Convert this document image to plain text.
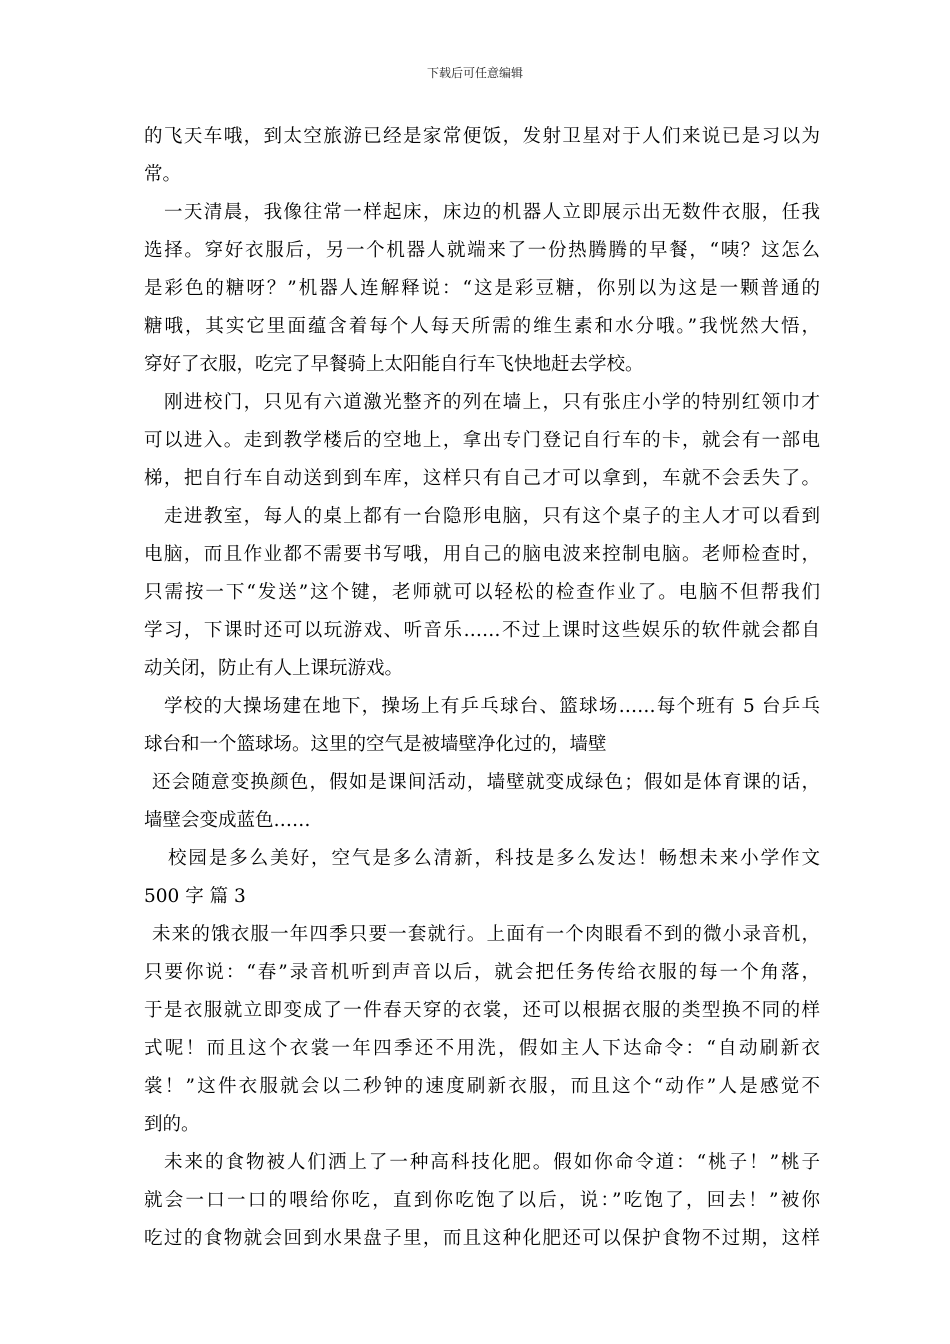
下载后可任意编辑
的飞天车哦，到太空旅游已经是家常便饭，发射卫星对于人们来说已是习以为
常。
一天清晨，我像往常一样起床，床边的机器人立即展示出无数件衣服，任我
选择。穿好衣服后，另一个机器人就端来了一份热腾腾的早餐，“咦？这怎么
是彩色的糖呀？”机器人连解释说：“这是彩豆糖，你别以为这是一颗普通的
糖哦，其实它里面蕴含着每个人每天所需的维生素和水分哦。”我恍然大悟，
穿好了衣服，吃完了早餐骑上太阳能自行车飞快地赶去学校。
刚进校门，只见有六道激光整齐的列在墙上，只有张庄小学的特别红领巾才
可以进入。走到教学楼后的空地上，拿出专门登记自行车的卡，就会有一部电
梯，把自行车自动送到到车库，这样只有自己才可以拿到，车就不会丢失了。
走进教室，每人的桌上都有一台隐形电脑，只有这个桌子的主人才可以看到
电脑，而且作业都不需要书写哦，用自己的脑电波来控制电脑。老师检查时，
只需按一下“发送”这个键，老师就可以轻松的检查作业了。电脑不但帮我们
学习，下课时还可以玩游戏、听音乐……不过上课时这些娱乐的软件就会都自
动关闭，防止有人上课玩游戏。
学校的大操场建在地下，操场上有乒乓球台、篮球场……每个班有 5 台乒乓
球台和一个篮球场。这里的空气是被墙壁净化过的，墙壁
还会随意变换颜色，假如是课间活动，墙壁就变成绿色；假如是体育课的话，
墙壁会变成蓝色……
校园是多么美好，空气是多么清新，科技是多么发达！畅想未来小学作文
500 字 篇 3
未来的饿衣服一年四季只要一套就行。上面有一个肉眼看不到的微小录音机，
只要你说：“春”录音机听到声音以后，就会把任务传给衣服的每一个角落，
于是衣服就立即变成了一件春天穿的衣裳，还可以根据衣服的类型换不同的样
式呢！而且这个衣裳一年四季还不用洗，假如主人下达命令：“自动刷新衣
裳！”这件衣服就会以二秒钟的速度刷新衣服，而且这个“动作”人是感觉不
到的。
未来的食物被人们洒上了一种高科技化肥。假如你命令道：“桃子！”桃子
就会一口一口的喂给你吃，直到你吃饱了以后，说：”吃饱了，回去！”被你
吃过的食物就会回到水果盘子里，而且这种化肥还可以保护食物不过期，这样
